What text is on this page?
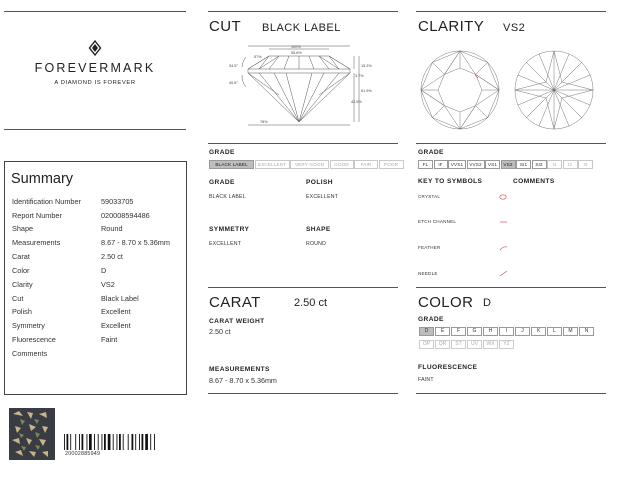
FOREVERMARK
A DIAMOND IS FOREVER
Summary
Identification Number	59033705
Report Number	020008594486
Shape	Round
Measurements	8.67 - 8.70 x 5.36mm
Carat	2.50 ct
Color	D
Clarity	VS2
Cut	Black Label
Polish	Excellent
Symmetry	Excellent
Fluorescence	Faint
Comments
20002885949
CUT BLACK LABEL
100%
55.6%
57%
34.5°
40.6°
15.2%
3.7%
61.9%
42.9%
78%
GRADE
BLACK LABEL	EXCELLENT	VERY GOOD	GOOD	FAIR	POOR
GRADE
BLACK LABEL
POLISH
EXCELLENT
SYMMETRY
EXCELLENT
SHAPE
ROUND
CARAT	2.50 ct
CARAT WEIGHT
2.50 ct
MEASUREMENTS
8.67 - 8.70 x 5.36mm
CLARITY VS2
GRADE
FL	IF	VVS1	VVS2	VS1	VS2	SI1	SI2	I1	I2	I3
KEY TO SYMBOLS	COMMENTS
CRYSTAL
ETCH CHANNEL
FEATHER
NEEDLE
COLOR D
GRADE
D	E	F	G	H	I	J	K	L	M	N
OP	QR	ST	UV	WX	YZ
FLUORESCENCE
FAINT
